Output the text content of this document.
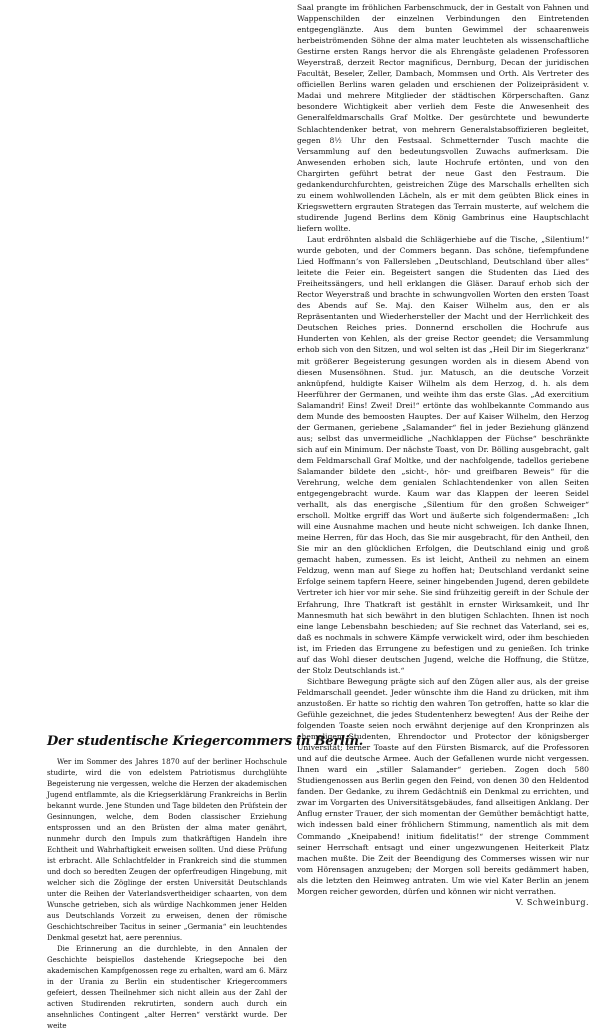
Der studentische Kriegercommers in Berlin.

Wer im Sommer des Jahres 1870 auf der berliner Hochschule studirte, wird die von edelstem Patriotismus durchglühte Begeisterung nie vergessen, welche die Herzen der akademischen Jugend entflammte, als die Kriegserklärung Frankreichs in Berlin bekannt wurde. Jene Stunden und Tage bildeten den Prüfstein der Gesinnungen, welche, dem Boden classischer Erziehung entsprossen und an den Brüsten der alma mater genährt, nunmehr durch den Impuls zum thatkräftigen Handeln ihre Echtheit und Wahrhaftigkeit erweisen sollten. Und diese Prüfung ist erbracht. Alle Schlachtfelder in Frankreich sind die stummen und doch so beredten Zeugen der opferfreudigen Hingebung, mit welcher sich die Zöglinge der ersten Universität Deutschlands unter die Reihen der Vaterlandsvertheidiger schaarten, von dem Wunsche getrieben, sich als würdige Nachkommen jener Helden aus Deutschlands Vorzeit zu erweisen, denen der römische Geschichtschreiber Tacitus in seiner „Germania“ ein leuchtendes Denkmal gesetzt hat, aere perennius.

Die Erinnerung an die durchlebte, in den Annalen der Geschichte beispiellos dastehende Kriegsepoche bei den akademischen Kampfgenossen rege zu erhalten, ward am 6. März in der Urania zu Berlin ein studentischer Kriegercommers gefeiert, dessen Theilnehmer sich nicht allein aus der Zahl der activen Studirenden rekrutirten, sondern auch durch ein ansehnliches Contingent „alter Herren“ verstärkt wurde. Der weite

Saal prangte im fröhlichen Farbenschmuck, der in Gestalt von Fahnen und Wappenschilden der einzelnen Verbindungen den Eintretenden entgegenglänzte. Aus dem bunten Gewimmel der schaarenweis herbeiströmenden Söhne der alma mater leuchteten als wissenschaftliche Gestirne ersten Rangs hervor die als Ehrengäste geladenen Professoren Weyerstraß, derzeit Rector magnificus, Dernburg, Decan der juridischen Facultät, Beseler, Zeller, Dambach, Mommsen und Orth. Als Vertreter des officiellen Berlins waren geladen und erschienen der Polizeipräsident v. Madai und mehrere Mitglieder der städtischen Körperschaften. Ganz besondere Wichtigkeit aber verlieh dem Feste die Anwesenheit des Generalfeldmarschalls Graf Moltke. Der gesürchtete und bewunderte Schlachtendenker betrat, von mehrern Generalstabsoffizieren begleitet, gegen 8½ Uhr den Festsaal. Schmetternder Tusch machte die Versammlung auf den bedeutungsvollen Zuwachs aufmerksam. Die Anwesenden erhoben sich, laute Hochrufe ertönten, und von den Chargirten geführt betrat der neue Gast den Festraum. Die gedankendurchfurchten, geistreichen Züge des Marschalls erhellten sich zu einem wohlwollenden Lächeln, als er mit dem geübten Blick eines in Kriegswettern ergrauten Strategen das Terrain musterte, auf welchem die studirende Jugend Berlins dem König Gambrinus eine Hauptschlacht liefern wollte.

Laut erdröhnten alsbald die Schlägerhiebe auf die Tische, „Silentium!“ wurde geboten, und der Commers begann. Das schöne, tiefempfundene Lied Hoffmann’s von Fallersleben „Deutschland, Deutschland über alles“ leitete die Feier ein. Begeistert sangen die Studenten das Lied des Freiheitssängers, und hell erklangen die Gläser. Darauf erhob sich der Rector Weyerstraß und brachte in schwungvollen Worten den ersten Toast des Abends auf Se. Maj. den Kaiser Wilhelm aus, den er als Repräsentanten und Wiederhersteller der Macht und der Herrlichkeit des Deutschen Reiches pries. Donnernd erschollen die Hochrufe aus Hunderten von Kehlen, als der greise Rector geendet; die Versammlung erhob sich von den Sitzen, und wol selten ist das „Heil Dir im Siegerkranz“ mit größerer Begeisterung gesungen worden als in diesem Abend von diesen Musensöhnen. Stud. jur. Matusch, an die deutsche Vorzeit anknüpfend, huldigte Kaiser Wilhelm als dem Herzog, d. h. als dem Heerführer der Germanen, und weihte ihm das erste Glas. „Ad exercitium Salamandri! Eins! Zwei! Drei!“ ertönte das wohlbekannte Commando aus dem Munde des bemoosten Hauptes. Der auf Kaiser Wilhelm, den Herzog der Germanen, geriebene „Salamander“ fiel in jeder Beziehung glänzend aus; selbst das unvermeidliche „Nachklappen der Füchse“ beschränkte sich auf ein Minimum. Der nächste Toast, von Dr. Bölling ausgebracht, galt dem Feldmarschall Graf Moltke, und der nachfolgende, tadellos geriebene Salamander bildete den „sicht-, hör- und greifbaren Beweis“ für die Verehrung, welche dem genialen Schlachtendenker von allen Seiten entgegengebracht wurde. Kaum war das Klappen der leeren Seidel verhallt, als das energische „Silentium für den großen Schweiger“ erscholl. Moltke ergriff das Wort und äußerte sich folgendermaßen: „Ich will eine Ausnahme machen und heute nicht schweigen. Ich danke Ihnen, meine Herren, für das Hoch, das Sie mir ausgebracht, für den Antheil, den Sie mir an den glücklichen Erfolgen, die Deutschland einig und groß gemacht haben, zumessen. Es ist leicht, Antheil zu nehmen an einem Feldzug, wenn man auf Siege zu hoffen hat; Deutschland verdankt seine Erfolge seinem tapfern Heere, seiner hingebenden Jugend, deren gebildete Vertreter ich hier vor mir sehe. Sie sind frühzeitig gereift in der Schule der Erfahrung, Ihre Thatkraft ist gestählt in ernster Wirksamkeit, und Ihr Mannesmuth hat sich bewährt in den blutigen Schlachten. Ihnen ist noch eine lange Lebensbahn beschieden; auf Sie rechnet das Vaterland, sei es, daß es nochmals in schwere Kämpfe verwickelt wird, oder ihm beschieden ist, im Frieden das Errungene zu befestigen und zu genießen. Ich trinke auf das Wohl dieser deutschen Jugend, welche die Hoffnung, die Stütze, der Stolz Deutschlands ist.“

Sichtbare Bewegung prägte sich auf den Zügen aller aus, als der greise Feldmarschall geendet. Jeder wünschte ihm die Hand zu drücken, mit ihm anzustoßen. Er hatte so richtig den wahren Ton getroffen, hatte so klar die Gefühle gezeichnet, die jedes Studentenherz bewegten! Aus der Reihe der folgenden Toaste seien noch erwähnt derjenige auf den Kronprinzen als ehemaligen Studenten, Ehrendoctor und Protector der königsberger Universität; ferner Toaste auf den Fürsten Bismarck, auf die Professoren und auf die deutsche Armee. Auch der Gefallenen wurde nicht vergessen. Ihnen ward ein „stiller Salamander“ gerieben. Zogen doch 580 Studiengenossen aus Berlin gegen den Feind, von denen 30 den Heldentod fanden. Der Gedanke, zu ihrem Gedächtniß ein Denkmal zu errichten, und zwar im Vorgarten des Universitätsgebäudes, fand allseitigen Anklang. Der Anflug ernster Trauer, der sich momentan der Gemüther bemächtigt hatte, wich indessen bald einer fröhlichern Stimmung, namentlich als mit dem Commando „Kneipabend! initium fidelitatis!“ der strenge Commment seiner Herrschaft entsagt und einer ungezwungenen Heiterkeit Platz machen mußte. Die Zeit der Beendigung des Commerses wissen wir nur vom Hörensagen anzugeben; der Morgen soll bereits gedämmert haben, als die letzten den Heimweg antraten. Um wie viel Kater Berlin an jenem Morgen reicher geworden, dürfen und können wir nicht verrathen.

V. Schweinburg.
